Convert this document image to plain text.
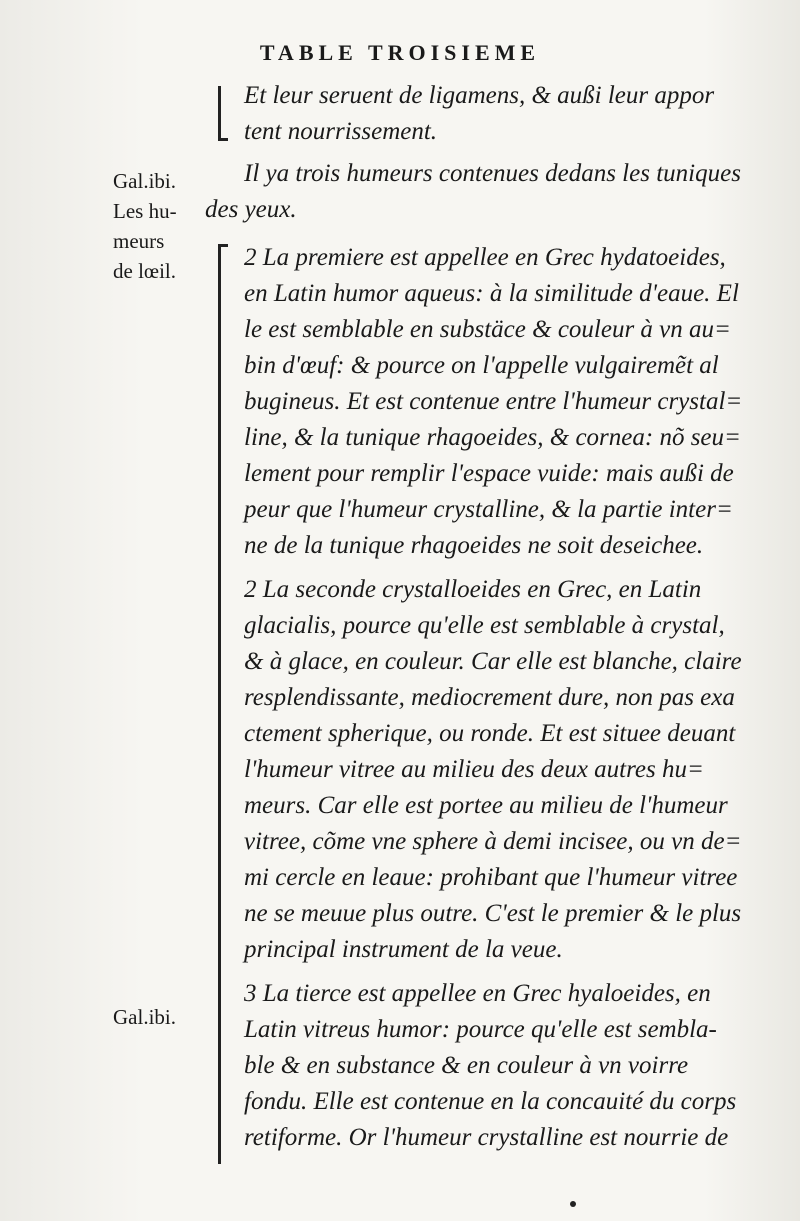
TABLE TROISIEME
Gal.ibi.
Les hu-
meurs
de lœil.
Gal.ibi.
Et leur seruent de ligamens, & außi leur appor
tent nourrissement.
Il ya trois humeurs contenues dedans les tuniques
des yeux.
2 La premiere est appellee en Grec hydatoeides,
en Latin humor aqueus: à la similitude d'eaue. El
le est semblable en substäce & couleur à vn au=
bin d'œuf: & pource on l'appelle vulgairemẽt al
bugineus. Et est contenue entre l'humeur crystal=
line, & la tunique rhagoeides, & cornea: nõ seu=
lement pour remplir l'espace vuide: mais außi de
peur que l'humeur crystalline, & la partie inter=
ne de la tunique rhagoeides ne soit deseichee.
2 La seconde crystalloeides en Grec, en Latin
glacialis, pource qu'elle est semblable à crystal,
& à glace, en couleur. Car elle est blanche, claire
resplendissante, mediocrement dure, non pas exa
ctement spherique, ou ronde. Et est situee deuant
l'humeur vitree au milieu des deux autres hu=
meurs. Car elle est portee au milieu de l'humeur
vitree, cõme vne sphere à demi incisee, ou vn de=
mi cercle en leaue: prohibant que l'humeur vitree
ne se meuue plus outre. C'est le premier & le plus
principal instrument de la veue.
3 La tierce est appellee en Grec hyaloeides, en
Latin vitreus humor: pource qu'elle est sembla-
ble & en substance & en couleur à vn voirre
fondu. Elle est contenue en la concauité du corps
retiforme. Or l'humeur crystalline est nourrie de
